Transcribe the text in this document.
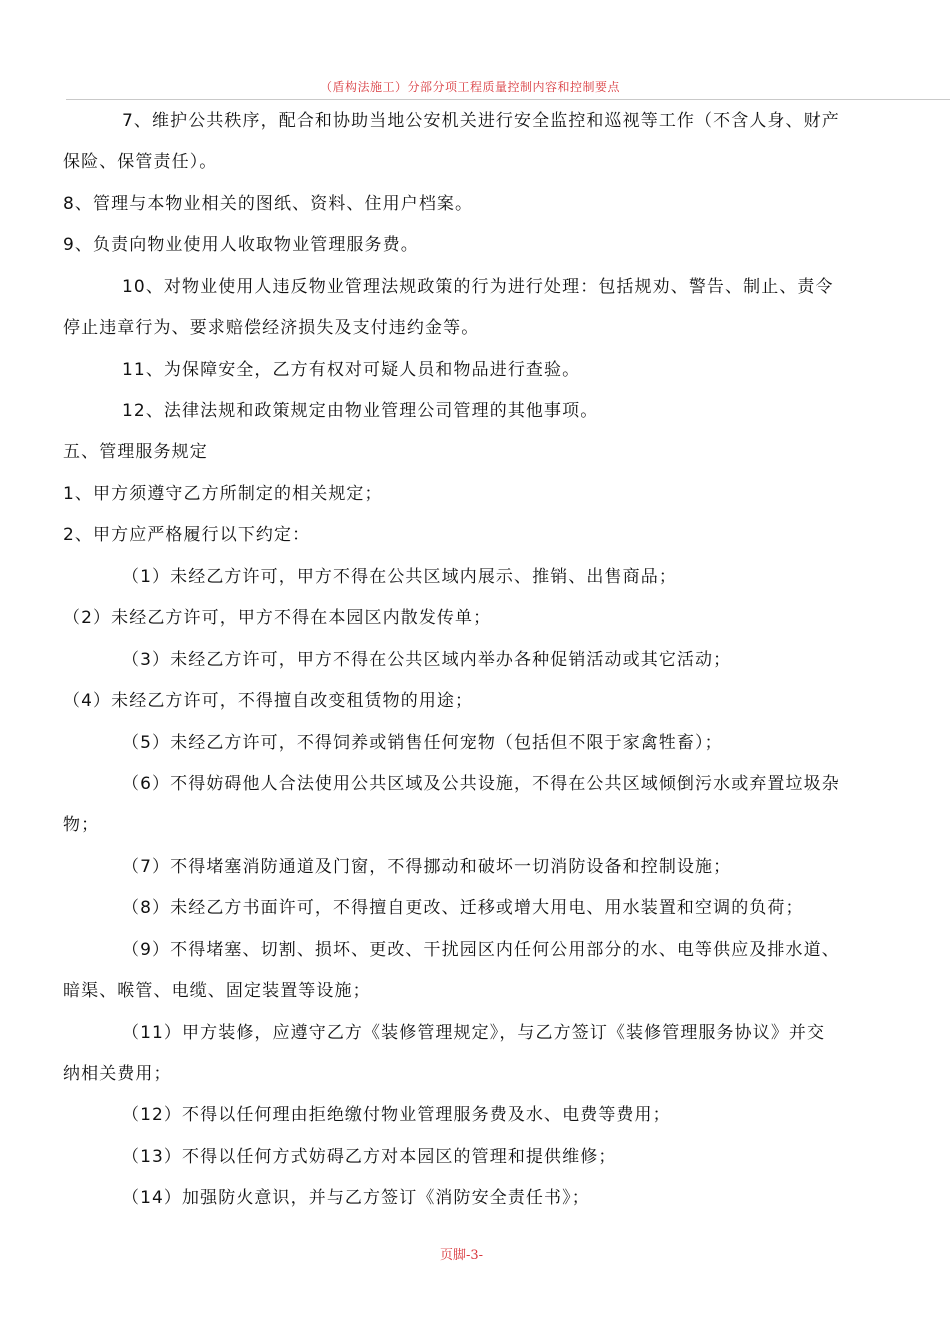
（盾构法施工）分部分项工程质量控制内容和控制要点
7、维护公共秩序，配合和协助当地公安机关进行安全监控和巡视等工作（不含人身、财产
保险、保管责任）。
8、管理与本物业相关的图纸、资料、住用户档案。
9、负责向物业使用人收取物业管理服务费。
10、对物业使用人违反物业管理法规政策的行为进行处理：包括规劝、警告、制止、责令
停止违章行为、要求赔偿经济损失及支付违约金等。
11、为保障安全，乙方有权对可疑人员和物品进行查验。
12、法律法规和政策规定由物业管理公司管理的其他事项。
五、管理服务规定
1、甲方须遵守乙方所制定的相关规定；
2、甲方应严格履行以下约定：
（1）未经乙方许可，甲方不得在公共区域内展示、推销、出售商品；
（2）未经乙方许可，甲方不得在本园区内散发传单；
（3）未经乙方许可，甲方不得在公共区域内举办各种促销活动或其它活动；
（4）未经乙方许可，不得擅自改变租赁物的用途；
（5）未经乙方许可，不得饲养或销售任何宠物（包括但不限于家禽牲畜）；
（6）不得妨碍他人合法使用公共区域及公共设施，不得在公共区域倾倒污水或弃置垃圾杂
物；
（7）不得堵塞消防通道及门窗，不得挪动和破坏一切消防设备和控制设施；
（8）未经乙方书面许可，不得擅自更改、迁移或增大用电、用水装置和空调的负荷；
（9）不得堵塞、切割、损坏、更改、干扰园区内任何公用部分的水、电等供应及排水道、
暗渠、喉管、电缆、固定装置等设施；
（11）甲方装修，应遵守乙方《装修管理规定》，与乙方签订《装修管理服务协议》并交
纳相关费用；
（12）不得以任何理由拒绝缴付物业管理服务费及水、电费等费用；
（13）不得以任何方式妨碍乙方对本园区的管理和提供维修；
（14）加强防火意识，并与乙方签订《消防安全责任书》；
页脚-3-
